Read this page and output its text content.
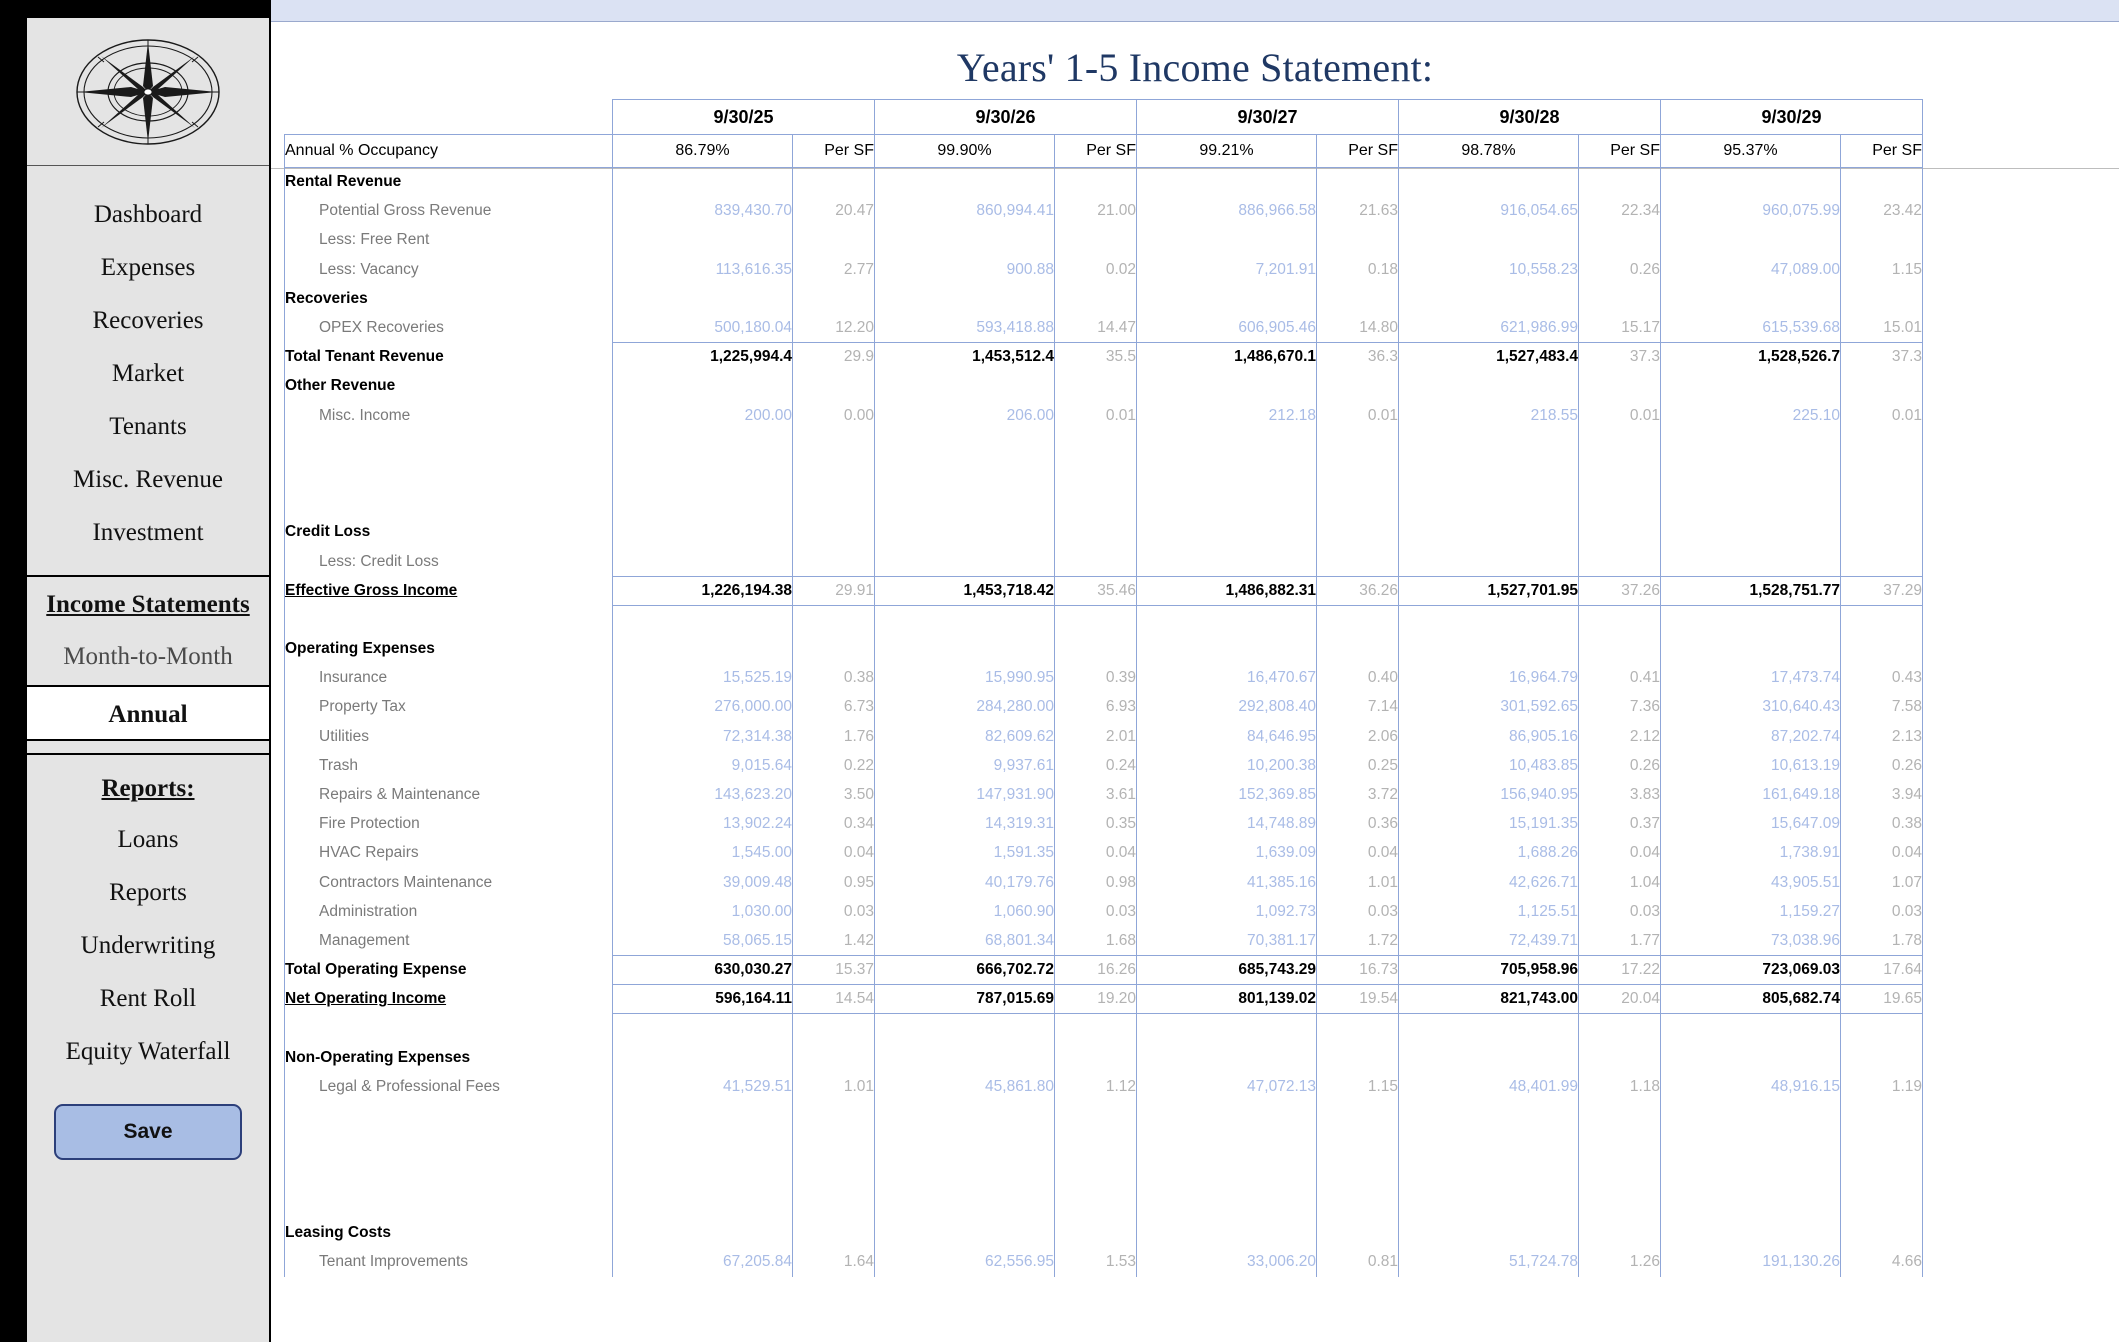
Dashboard
Expenses
Recoveries
Market
Tenants
Misc. Revenue
Investment
Income Statements
Month-to-Month
Annual
Reports:
Loans
Reports
Underwriting
Rent Roll
Equity Waterfall
Save
Years' 1-5 Income Statement:
	9/30/25		9/30/26		9/30/27		9/30/28		9/30/29	
Annual % Occupancy	86.79%	Per SF	99.90%	Per SF	99.21%	Per SF	98.78%	Per SF	95.37%	Per SF
Rental Revenue										
Potential Gross Revenue	839,430.70	20.47	860,994.41	21.00	886,966.58	21.63	916,054.65	22.34	960,075.99	23.42
Less: Free Rent										
Less: Vacancy	113,616.35	2.77	900.88	0.02	7,201.91	0.18	10,558.23	0.26	47,089.00	1.15
Recoveries										
OPEX Recoveries	500,180.04	12.20	593,418.88	14.47	606,905.46	14.80	621,986.99	15.17	615,539.68	15.01
Total Tenant Revenue	1,225,994.4	29.9	1,453,512.4	35.5	1,486,670.1	36.3	1,527,483.4	37.3	1,528,526.7	37.3
Other Revenue										
Misc. Income	200.00	0.00	206.00	0.01	212.18	0.01	218.55	0.01	225.10	0.01

Credit Loss										
Less: Credit Loss										
Effective Gross Income	1,226,194.38	29.91	1,453,718.42	35.46	1,486,882.31	36.26	1,527,701.95	37.26	1,528,751.77	37.29

Operating Expenses										
Insurance	15,525.19	0.38	15,990.95	0.39	16,470.67	0.40	16,964.79	0.41	17,473.74	0.43
Property Tax	276,000.00	6.73	284,280.00	6.93	292,808.40	7.14	301,592.65	7.36	310,640.43	7.58
Utilities	72,314.38	1.76	82,609.62	2.01	84,646.95	2.06	86,905.16	2.12	87,202.74	2.13
Trash	9,015.64	0.22	9,937.61	0.24	10,200.38	0.25	10,483.85	0.26	10,613.19	0.26
Repairs & Maintenance	143,623.20	3.50	147,931.90	3.61	152,369.85	3.72	156,940.95	3.83	161,649.18	3.94
Fire Protection	13,902.24	0.34	14,319.31	0.35	14,748.89	0.36	15,191.35	0.37	15,647.09	0.38
HVAC Repairs	1,545.00	0.04	1,591.35	0.04	1,639.09	0.04	1,688.26	0.04	1,738.91	0.04
Contractors Maintenance	39,009.48	0.95	40,179.76	0.98	41,385.16	1.01	42,626.71	1.04	43,905.51	1.07
Administration	1,030.00	0.03	1,060.90	0.03	1,092.73	0.03	1,125.51	0.03	1,159.27	0.03
Management	58,065.15	1.42	68,801.34	1.68	70,381.17	1.72	72,439.71	1.77	73,038.96	1.78
Total Operating Expense	630,030.27	15.37	666,702.72	16.26	685,743.29	16.73	705,958.96	17.22	723,069.03	17.64
Net Operating Income	596,164.11	14.54	787,015.69	19.20	801,139.02	19.54	821,743.00	20.04	805,682.74	19.65

Non-Operating Expenses										
Legal & Professional Fees	41,529.51	1.01	45,861.80	1.12	47,072.13	1.15	48,401.99	1.18	48,916.15	1.19

Leasing Costs										
Tenant Improvements	67,205.84	1.64	62,556.95	1.53	33,006.20	0.81	51,724.78	1.26	191,130.26	4.66
